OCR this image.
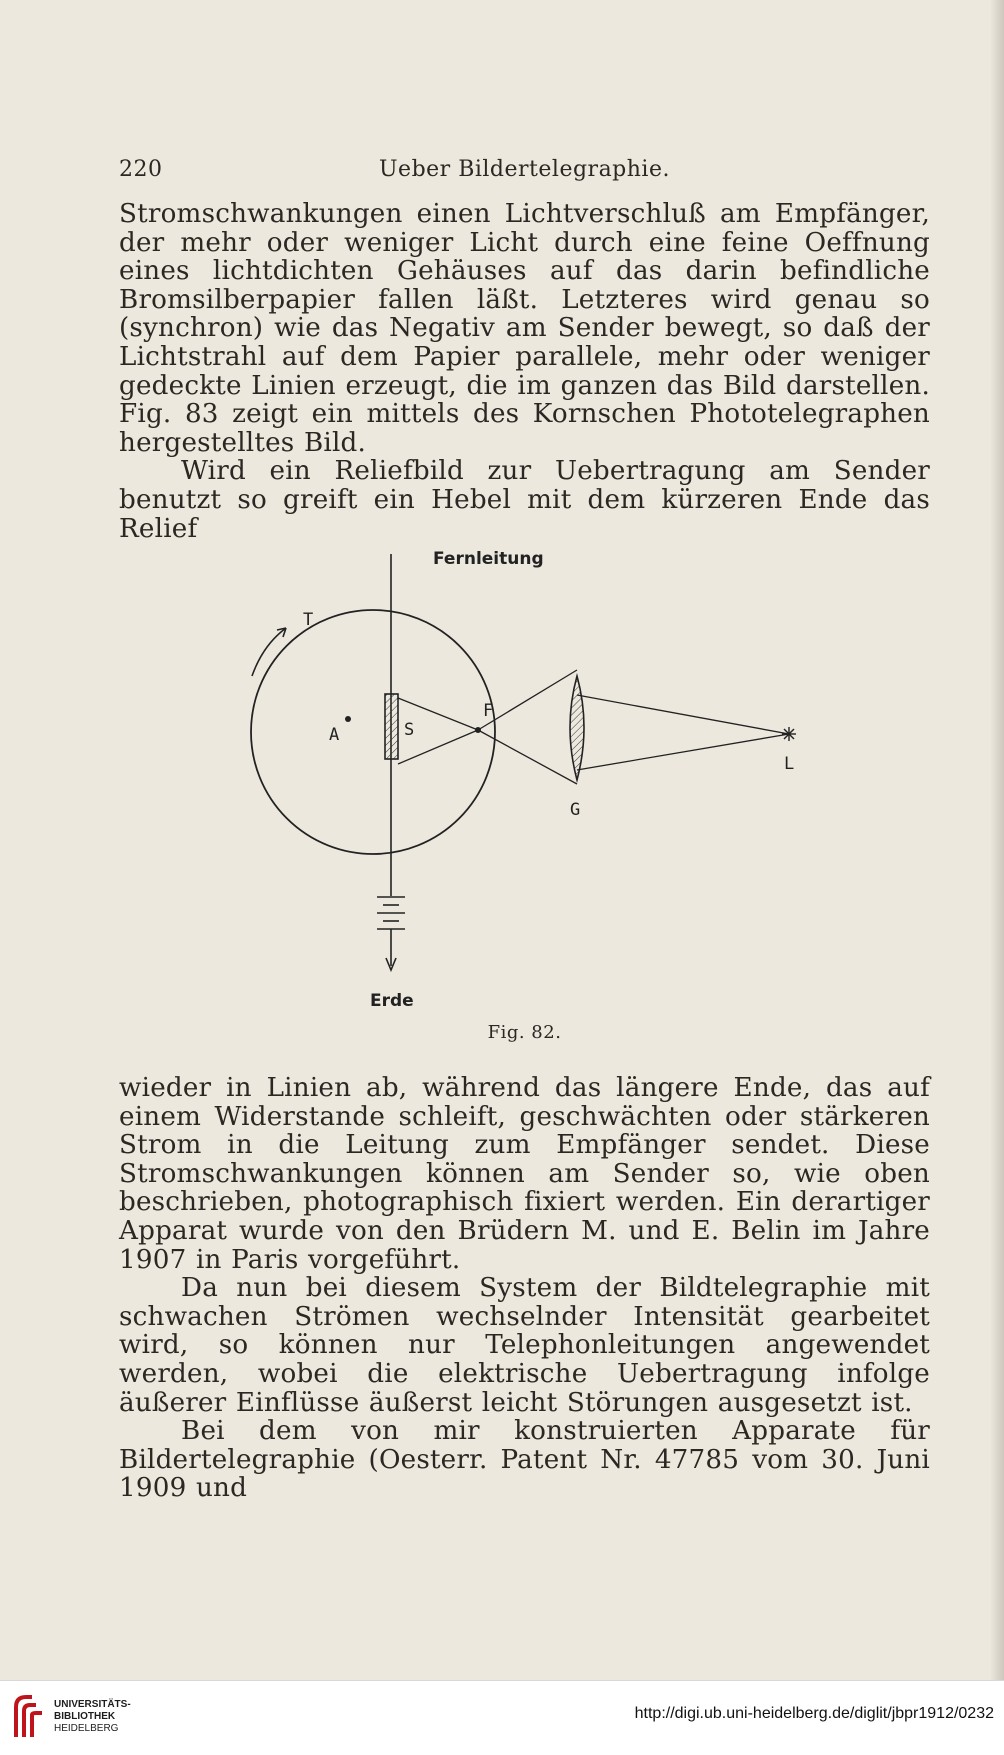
220	Ueber Bildertelegraphie.

Stromschwankungen einen Lichtverschluß am Empfänger, der mehr oder weniger Licht durch eine feine Oeffnung eines lichtdichten Gehäuses auf das darin befindliche Bromsilberpapier fallen läßt. Letzteres wird genau so (synchron) wie das Negativ am Sender bewegt, so daß der Lichtstrahl auf dem Papier parallele, mehr oder weniger gedeckte Linien erzeugt, die im ganzen das Bild darstellen. Fig. 83 zeigt ein mittels des Kornschen Phototelegraphen hergestelltes Bild.

Wird ein Reliefbild zur Uebertragung am Sender benutzt so greift ein Hebel mit dem kürzeren Ende das Relief

Fernleitung
T
A	S
F
G
L
Erde
Fig. 82.

wieder in Linien ab, während das längere Ende, das auf einem Widerstande schleift, geschwächten oder stärkeren Strom in die Leitung zum Empfänger sendet. Diese Stromschwankungen können am Sender so, wie oben beschrieben, photographisch fixiert werden. Ein derartiger Apparat wurde von den Brüdern M. und E. Belin im Jahre 1907 in Paris vorgeführt.

Da nun bei diesem System der Bildtelegraphie mit schwachen Strömen wechselnder Intensität gearbeitet wird, so können nur Telephonleitungen angewendet werden, wobei die elektrische Uebertragung infolge äußerer Einflüsse äußerst leicht Störungen ausgesetzt ist.

Bei dem von mir konstruierten Apparate für Bildertelegraphie (Oesterr. Patent Nr. 47785 vom 30. Juni 1909 und

UNIVERSITÄTS-
BIBLIOTHEK
HEIDELBERG
http://digi.ub.uni-heidelberg.de/diglit/jbpr1912/0232
